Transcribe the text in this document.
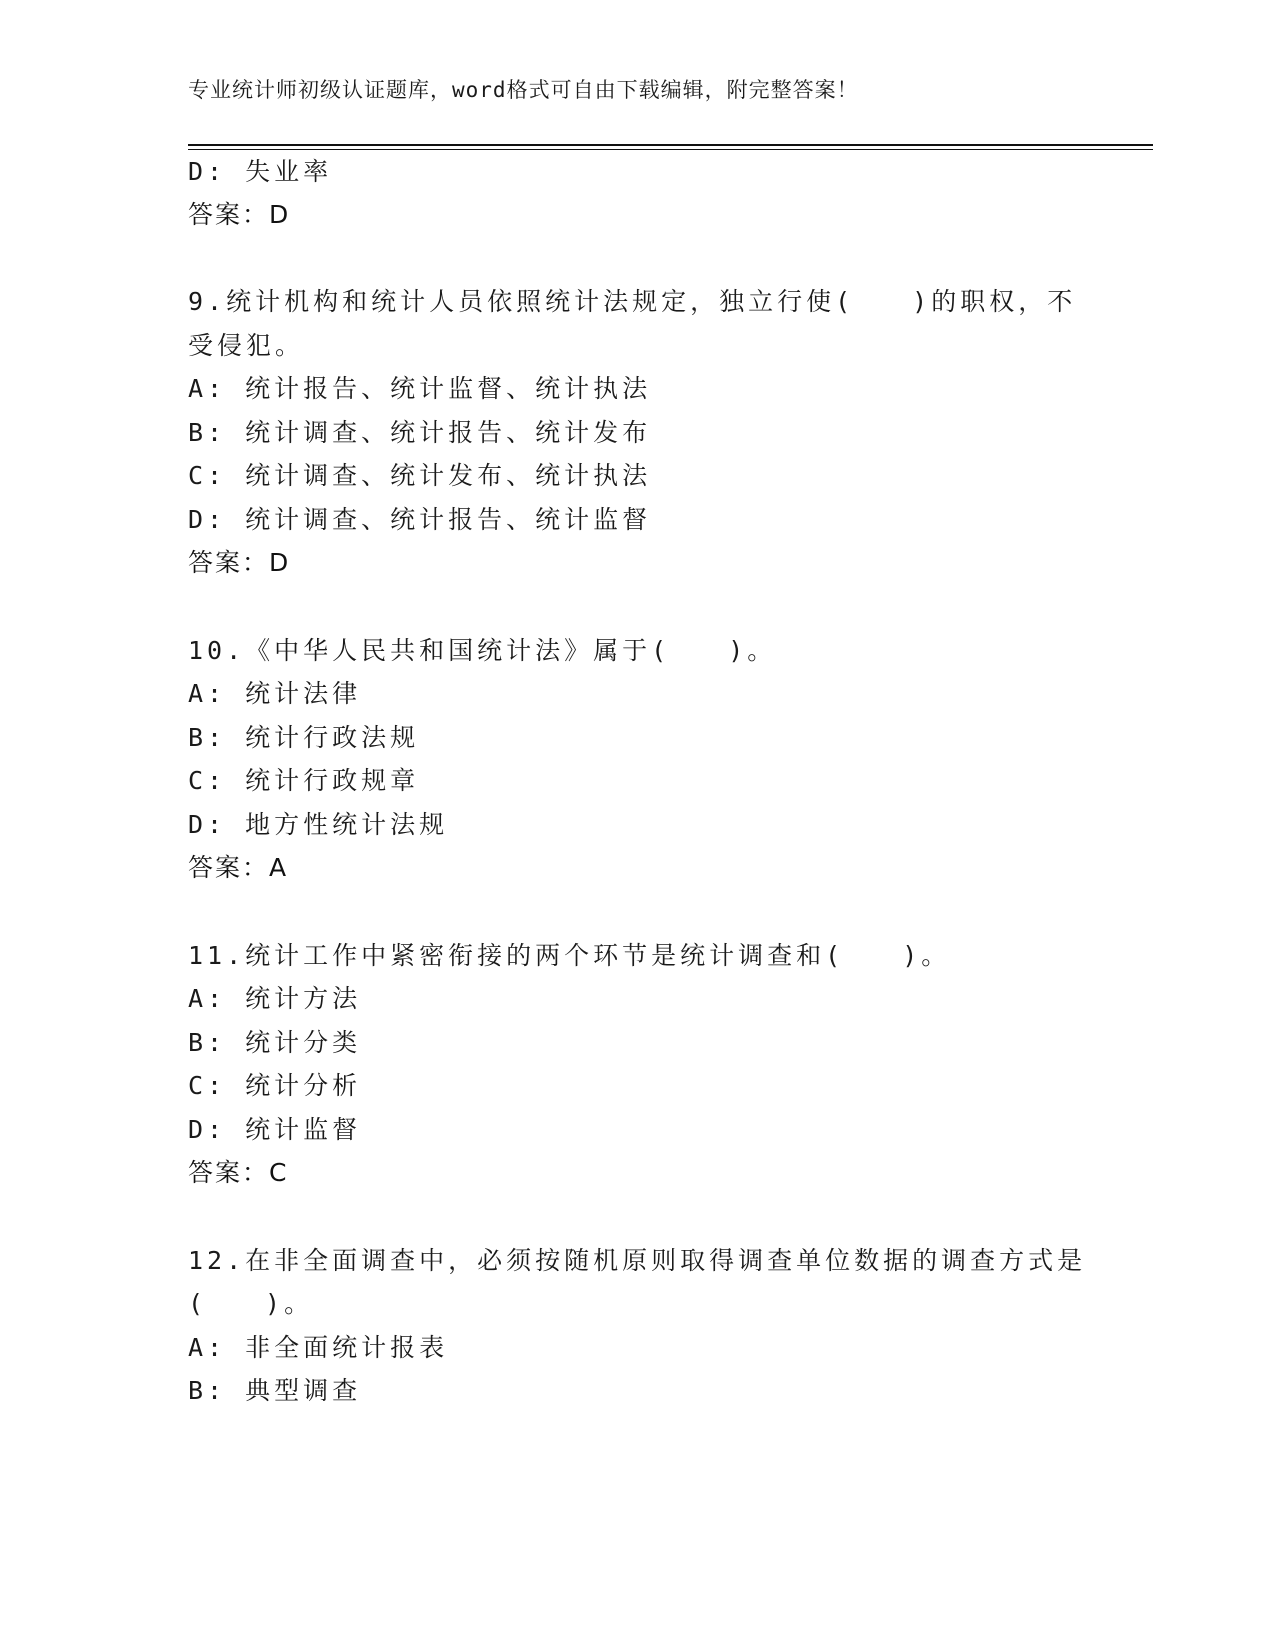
专业统计师初级认证题库，word格式可自由下载编辑，附完整答案！
D: 失业率
答案：D
9.统计机构和统计人员依照统计法规定，独立行使(　　)的职权，不
受侵犯。
A: 统计报告、统计监督、统计执法
B: 统计调查、统计报告、统计发布
C: 统计调查、统计发布、统计执法
D: 统计调查、统计报告、统计监督
答案：D
10.《中华人民共和国统计法》属于(　　)。
A: 统计法律
B: 统计行政法规
C: 统计行政规章
D: 地方性统计法规
答案：A
11.统计工作中紧密衔接的两个环节是统计调查和(　　)。
A: 统计方法
B: 统计分类
C: 统计分析
D: 统计监督
答案：C
12.在非全面调查中，必须按随机原则取得调查单位数据的调查方式是
(　　)。
A: 非全面统计报表
B: 典型调查
